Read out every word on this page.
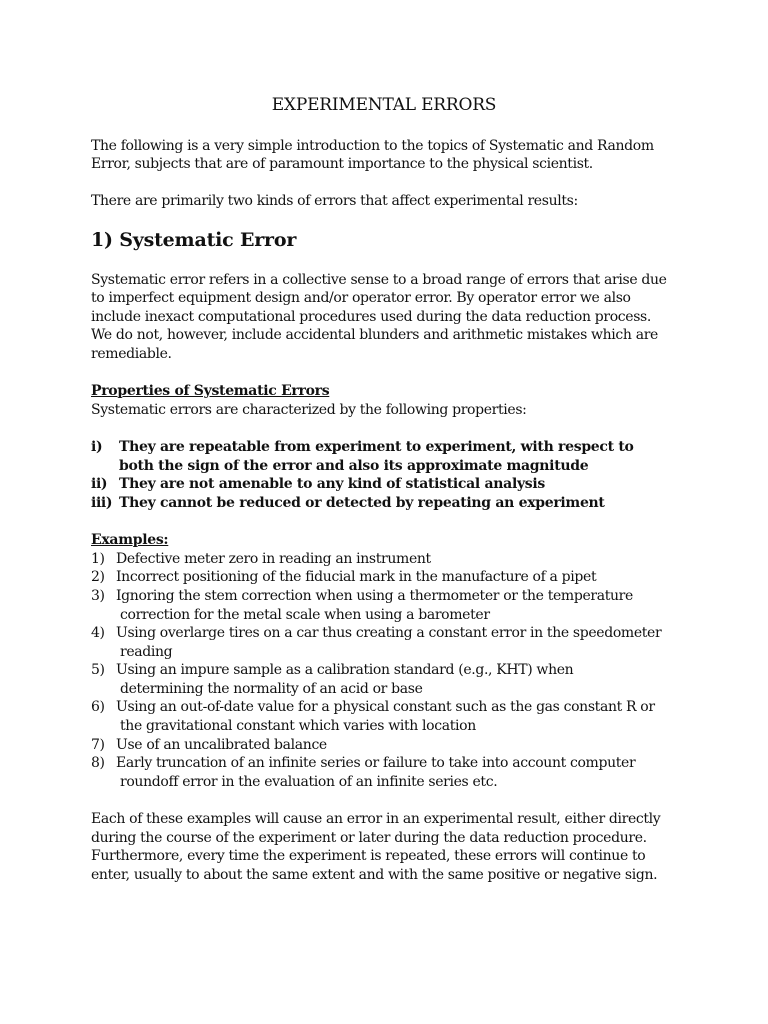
EXPERIMENTAL ERRORS
The following is a very simple introduction to the topics of Systematic and Random
Error, subjects that are of paramount importance to the physical scientist.
There are primarily two kinds of errors that affect experimental results:
1) Systematic Error
Systematic error refers in a collective sense to a broad range of errors that arise due
to imperfect equipment design and/or operator error. By operator error we also
include inexact computational procedures used during the data reduction process.
We do not, however, include accidental blunders and arithmetic mistakes which are
remediable.
Properties of Systematic Errors
Systematic errors are characterized by the following properties:
i) They are repeatable from experiment to experiment, with respect to
both the sign of the error and also its approximate magnitude
ii) They are not amenable to any kind of statistical analysis
iii) They cannot be reduced or detected by repeating an experiment
Examples:
1) Defective meter zero in reading an instrument
2) Incorrect positioning of the fiducial mark in the manufacture of a pipet
3) Ignoring the stem correction when using a thermometer or the temperature
correction for the metal scale when using a barometer
4) Using overlarge tires on a car thus creating a constant error in the speedometer
reading
5) Using an impure sample as a calibration standard (e.g., KHT) when
determining the normality of an acid or base
6) Using an out-of-date value for a physical constant such as the gas constant R or
the gravitational constant which varies with location
7) Use of an uncalibrated balance
8) Early truncation of an infinite series or failure to take into account computer
roundoff error in the evaluation of an infinite series etc.
Each of these examples will cause an error in an experimental result, either directly
during the course of the experiment or later during the data reduction procedure.
Furthermore, every time the experiment is repeated, these errors will continue to
enter, usually to about the same extent and with the same positive or negative sign.
